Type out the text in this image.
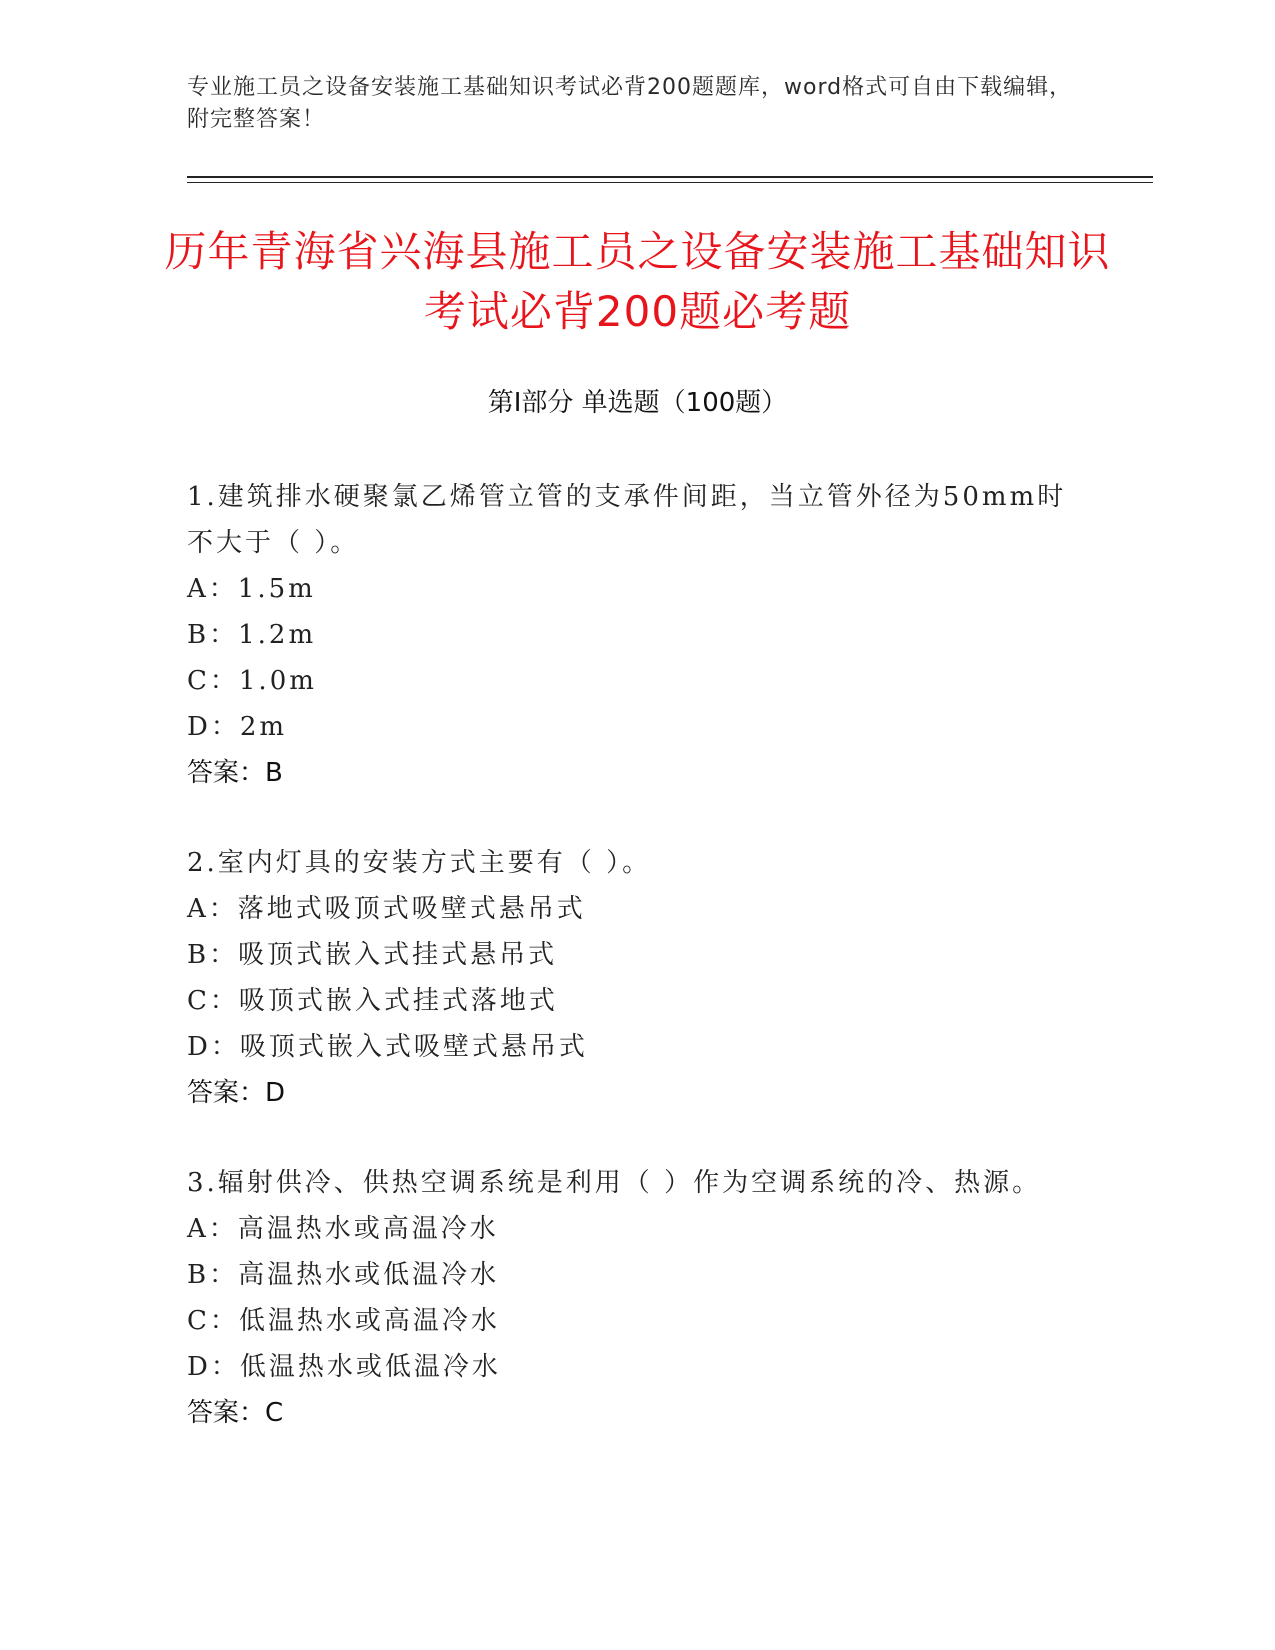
专业施工员之设备安装施工基础知识考试必背200题题库，word格式可自由下载编辑，附完整答案！
历年青海省兴海县施工员之设备安装施工基础知识考试必背200题必考题
第Ⅰ部分 单选题（100题）
1.建筑排水硬聚氯乙烯管立管的支承件间距，当立管外径为50mm时不大于（ ）。
A：1.5m
B：1.2m
C：1.0m
D：2m
答案：B
2.室内灯具的安装方式主要有（ ）。
A：落地式吸顶式吸壁式悬吊式
B：吸顶式嵌入式挂式悬吊式
C：吸顶式嵌入式挂式落地式
D：吸顶式嵌入式吸壁式悬吊式
答案：D
3.辐射供冷、供热空调系统是利用（ ）作为空调系统的冷、热源。
A：高温热水或高温冷水
B：高温热水或低温冷水
C：低温热水或高温冷水
D：低温热水或低温冷水
答案：C
